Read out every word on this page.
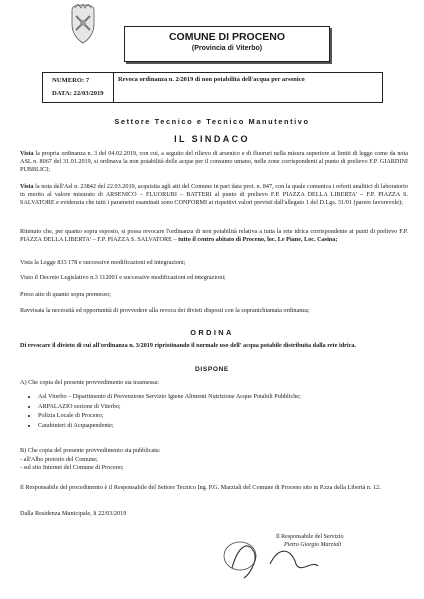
COMUNE DI PROCENO
(Provincia di Viterbo)
NUMERO: 7
DATA: 22/03/2019
Revoca ordinanza n. 2/2019 di non potabilità dell'acqua per arsenico
Settore Tecnico e Tecnico Manutentivo
IL SINDACO
Vista la propria ordinanza n. 3 del 04.02.2019, con cui, a seguito del rilievo di arsenico e di fluoruri nella misura superiore ai limiti di legge come da nota ASL n. 8067 del 31.01.2019, si ordinava la non potabilità delle acque per il consumo umano, nelle zone corrispondenti al punto di prelievo F.P. GIARDINI PUBBLICI;
Vista la nota dell'Asl n. 23842 del 22.03.2019, acquisita agli atti del Comune in pari data prot. n. 847, con la quale comunica i referti analitici di laboratorio in merito al valore misurato di ARSENICO – FLUORURI – BATTERI al punto di prelievo F.P. PIAZZA DELLA LIBERTA' – F.P. PIAZZA S. SALVATORE e evidenzia che tutti i parametri esaminati sono CONFORMI ai rispettivi valori previsti dall'allegato 1 del D.Lgs. 31/01 (parere favorevole);
Ritenuto che, per quanto sopra esposto, si possa revocare l'ordinanza di non potabilità relativa a tutta la rete idrica corrispondente ai punti di prelievo F.P. PIAZZA DELLA LIBERTA' – F.P. PIAZZA S. SALVATORE – tutto il centro abitato di Proceno, loc. Le Piane, Loc. Casina;
Vista la Legge 833 178 e successive modificazioni ed integrazioni;
Visto il Decreto Legislativo n.3 112001 e successive modificazioni ed integrazioni;
Preso atto di quanto sopra premesso;
Ravvisata la necessità ed opportunità di provvedere alla revoca dei divieti disposti con la sopranichiamata ordinanza;
ORDINA
Di revocare il divieto di cui all'ordinanza n. 3/2019 ripristinando il normale uso dell' acqua potabile distribuita dalla rete idrica.
DISPONE
A) Che copia del presente provvedimento sia trasmessa:
• Asl Viterbo – Dipartimento di Prevenzione Servizio Igiene Alimenti Nutrizione Acque Potabili Pubbliche;
• ARPALAZIO sezione di Viterbo;
• Polizia Locale di Proceno;
• Carabinieri di Acquapendente;
B) Che copia del presente provvedimento sia pubblicata:
- all'Albo pretorio del Comune;
- sul sito Internet del Comune di Proceno;
Il Responsabile del procedimento è il Responsabile del Settore Tecnico Ing. P.G. Marziali del Comune di Proceno sito in P.zza della Libertà n. 12.
Dalla Residenza Municipale, li 22/03/2019
Il Responsabile del Servizio
Pietro Giorgio Marziali
